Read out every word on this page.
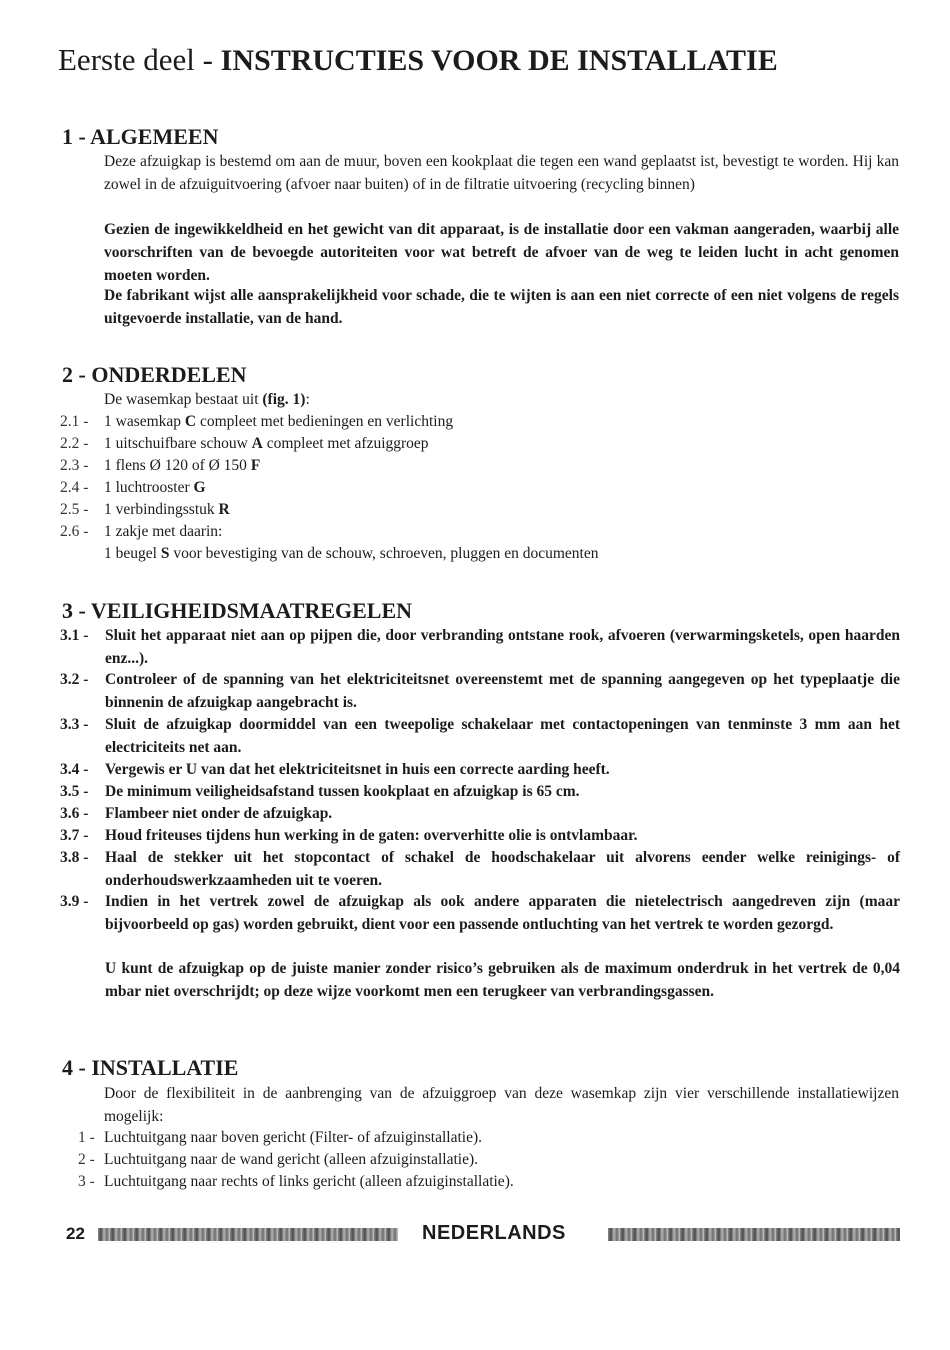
Eerste deel - INSTRUCTIES VOOR DE INSTALLATIE
1 - ALGEMEEN
Deze afzuigkap is bestemd om aan de muur, boven een kookplaat die tegen een wand geplaatst ist, bevestigt te worden. Hij kan zowel in de afzuiguitvoering (afvoer naar buiten) of in de filtratie uitvoering (recycling binnen)
Gezien de ingewikkeldheid en het gewicht van dit apparaat, is de installatie door een vakman aangeraden, waarbij alle voorschriften van de bevoegde autoriteiten voor wat betreft de afvoer van de weg te leiden lucht in acht genomen moeten worden.
De fabrikant wijst alle aansprakelijkheid voor schade, die te wijten is aan een niet correcte of een niet volgens de regels uitgevoerde installatie, van de hand.
2 - ONDERDELEN
De wasemkap bestaat uit (fig. 1):
2.1 - 1 wasemkap C compleet met bedieningen en verlichting
2.2 - 1 uitschuifbare schouw A compleet met afzuiggroep
2.3 - 1 flens Ø 120 of Ø 150 F
2.4 - 1 luchtrooster G
2.5 - 1 verbindingsstuk R
2.6 - 1 zakje met daarin:
1 beugel S voor bevestiging van de schouw, schroeven, pluggen en documenten
3 - VEILIGHEIDSMAATREGELEN
3.1 - Sluit het apparaat niet aan op pijpen die, door verbranding ontstane rook, afvoeren (verwarmingsketels, open haarden enz...).
3.2 - Controleer of de spanning van het elektriciteitsnet overeenstemt met de spanning aangegeven op het typeplaatje die binnenin de afzuigkap aangebracht is.
3.3 - Sluit de afzuigkap doormiddel van een tweepolige schakelaar met contactopeningen van tenminste 3 mm aan het electriciteits net aan.
3.4 - Vergewis er U van dat het elektriciteitsnet in huis een correcte aarding heeft.
3.5 - De minimum veiligheidsafstand tussen kookplaat en afzuigkap is 65 cm.
3.6 - Flambeer niet onder de afzuigkap.
3.7 - Houd friteuses tijdens hun werking in de gaten: oververhitte olie is ontvlambaar.
3.8 - Haal de stekker uit het stopcontact of schakel de hoodschakelaar uit alvorens eender welke reinigings- of onderhoudswerkzaamheden uit te voeren.
3.9 - Indien in het vertrek zowel de afzuigkap als ook andere apparaten die nietelectrisch aangedreven zijn (maar bijvoorbeeld op gas) worden gebruikt, dient voor een passende ontluchting van het vertrek te worden gezorgd.
U kunt de afzuigkap op de juiste manier zonder risico’s gebruiken als de maximum onderdruk in het vertrek de 0,04 mbar niet overschrijdt; op deze wijze voorkomt men een terugkeer van verbrandingsgassen.
4 - INSTALLATIE
Door de flexibiliteit in de aanbrenging van de afzuiggroep van deze wasemkap zijn vier verschillende installatiewijzen mogelijk:
1 - Luchtuitgang naar boven gericht (Filter- of afzuiginstallatie).
2 - Luchtuitgang naar de wand gericht (alleen afzuiginstallatie).
3 - Luchtuitgang naar rechts of links gericht (alleen afzuiginstallatie).
22	NEDERLANDS
